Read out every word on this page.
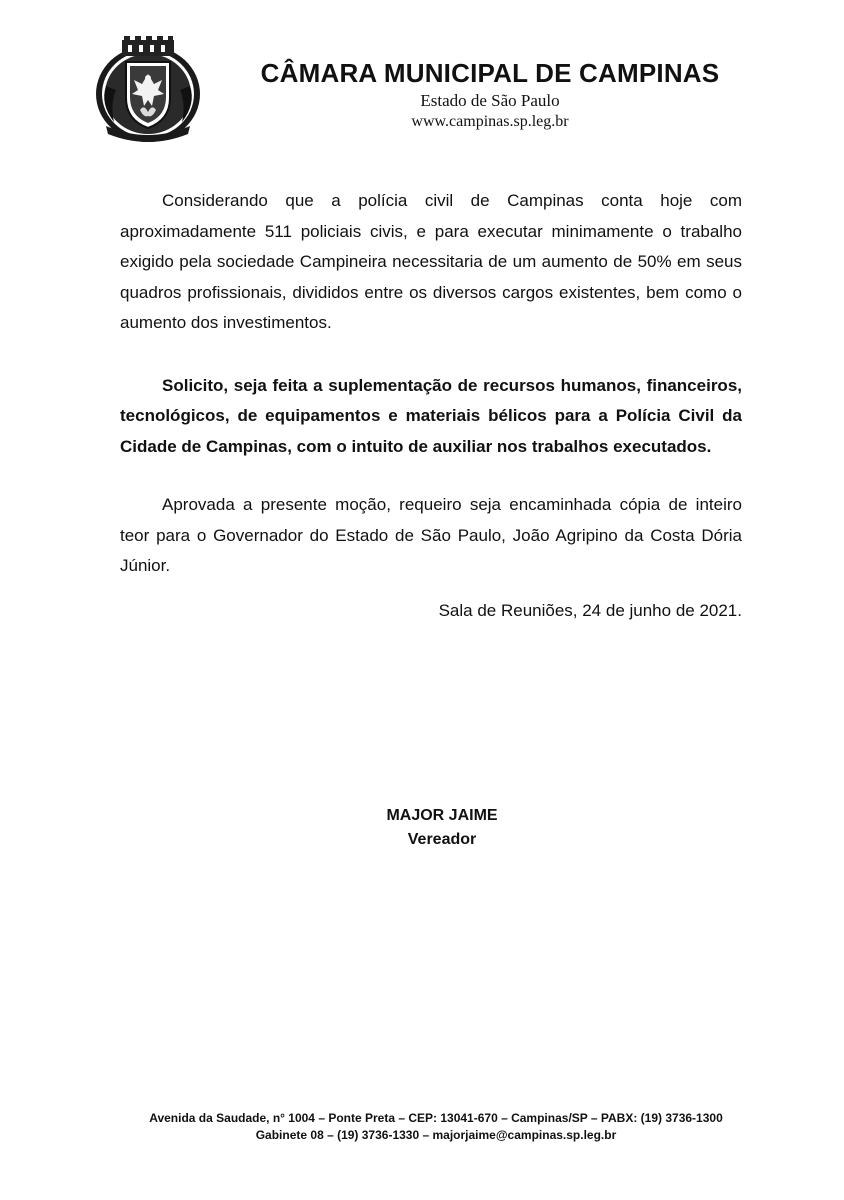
CÂMARA MUNICIPAL DE CAMPINAS
Estado de São Paulo
www.campinas.sp.leg.br

Considerando que a polícia civil de Campinas conta hoje com aproximadamente 511 policiais civis, e para executar minimamente o trabalho exigido pela sociedade Campineira necessitaria de um aumento de 50% em seus quadros profissionais, divididos entre os diversos cargos existentes, bem como o aumento dos investimentos.

Solicito, seja feita a suplementação de recursos humanos, financeiros, tecnológicos, de equipamentos e materiais bélicos para a Polícia Civil da Cidade de Campinas, com o intuito de auxiliar nos trabalhos executados.

Aprovada a presente moção, requeiro seja encaminhada cópia de inteiro teor para o Governador do Estado de São Paulo, João Agripino da Costa Dória Júnior.

Sala de Reuniões, 24 de junho de 2021.
MAJOR JAIME
Vereador
Avenida da Saudade, n° 1004 – Ponte Preta – CEP: 13041-670 – Campinas/SP – PABX: (19) 3736-1300
Gabinete 08 – (19) 3736-1330 – majorjaime@campinas.sp.leg.br
